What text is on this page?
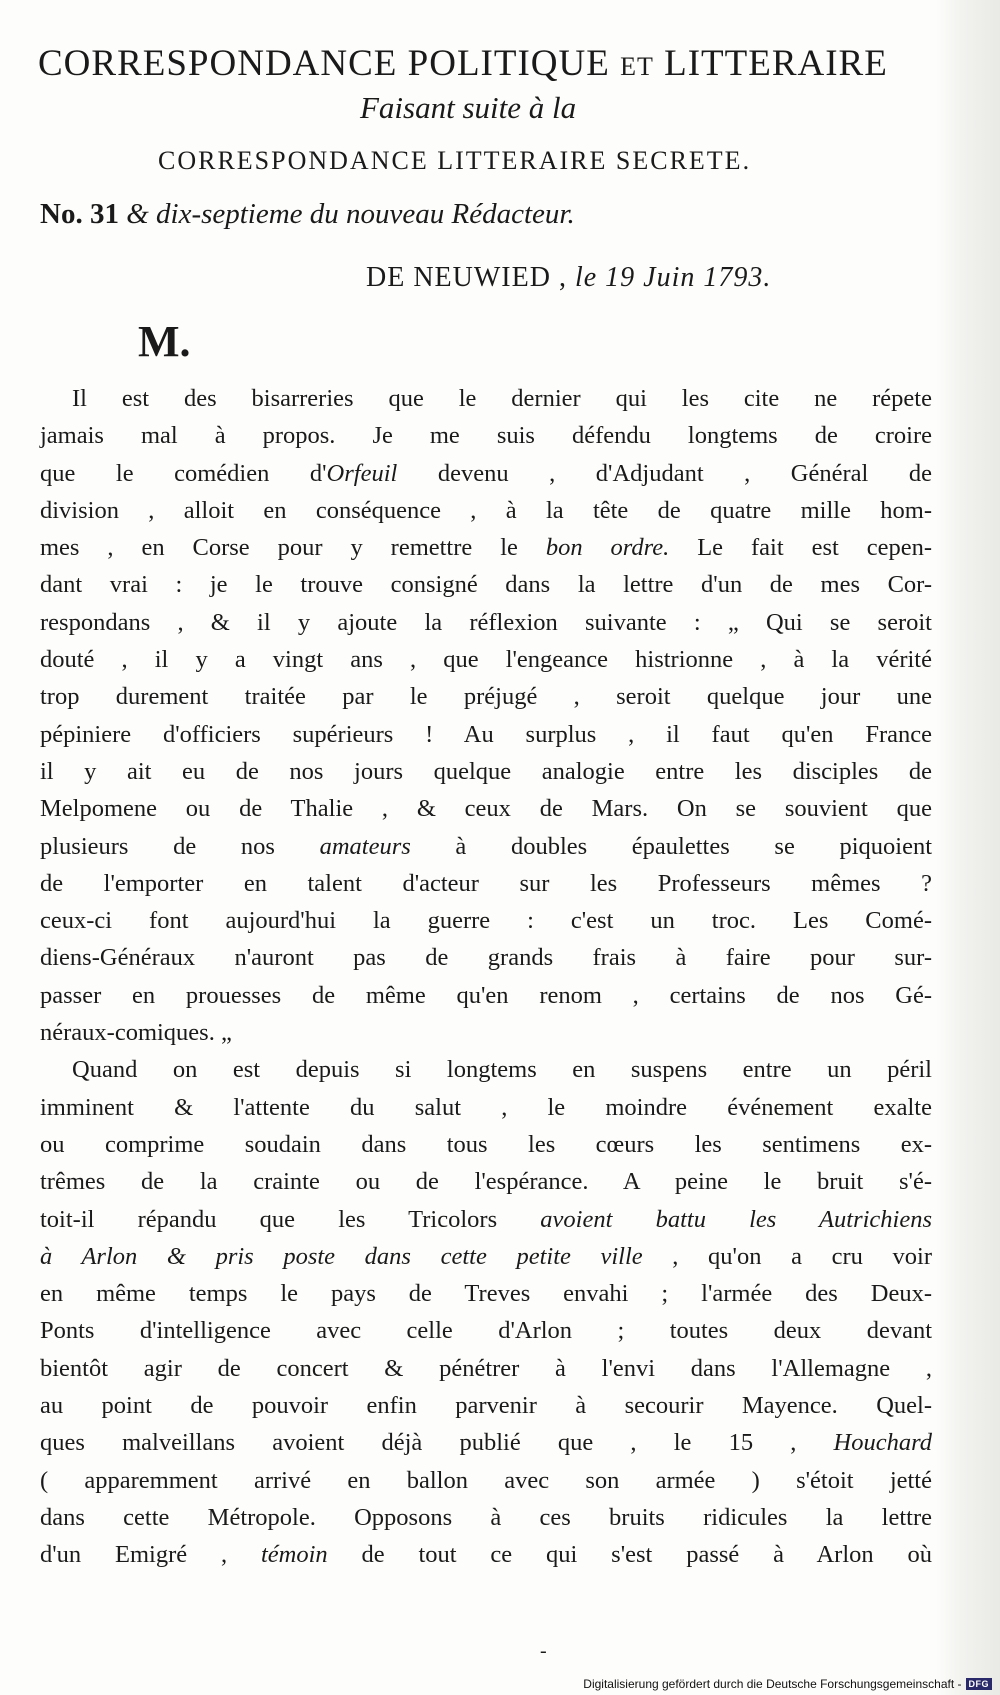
CORRESPONDANCE POLITIQUE ET LITTERAIRE
Faisant suite à la
CORRESPONDANCE LITTERAIRE SECRETE.
No. 31 & dix-septieme du nouveau Rédacteur.
DE NEUWIED , le 19 Juin 1793.
M.
Il est des bisarreries que le dernier qui les cite ne répete
jamais mal à propos. Je me suis défendu longtems de croire
que le comédien d'Orfeuil devenu , d'Adjudant , Général de
division , alloit en conséquence , à la tête de quatre mille hom-
mes , en Corse pour y remettre le bon ordre. Le fait est cepen-
dant vrai : je le trouve consigné dans la lettre d'un de mes Cor-
respondans , & il y ajoute la réflexion suivante : „ Qui se seroit
douté , il y a vingt ans , que l'engeance histrionne , à la vérité
trop durement traitée par le préjugé , seroit quelque jour une
pépiniere d'officiers supérieurs ! Au surplus , il faut qu'en France
il y ait eu de nos jours quelque analogie entre les disciples de
Melpomene ou de Thalie , & ceux de Mars. On se souvient que
plusieurs de nos amateurs à doubles épaulettes se piquoient
de l'emporter en talent d'acteur sur les Professeurs mêmes ?
ceux-ci font aujourd'hui la guerre : c'est un troc. Les Comé-
diens-Généraux n'auront pas de grands frais à faire pour sur-
passer en prouesses de même qu'en renom , certains de nos Gé-
néraux-comiques. „
Quand on est depuis si longtems en suspens entre un péril
imminent & l'attente du salut , le moindre événement exalte
ou comprime soudain dans tous les cœurs les sentimens ex-
trêmes de la crainte ou de l'espérance. A peine le bruit s'é-
toit-il répandu que les Tricolors avoient battu les Autrichiens
à Arlon & pris poste dans cette petite ville , qu'on a cru voir
en même temps le pays de Treves envahi ; l'armée des Deux-
Ponts d'intelligence avec celle d'Arlon ; toutes deux devant
bientôt agir de concert & pénétrer à l'envi dans l'Allemagne ,
au point de pouvoir enfin parvenir à secourir Mayence. Quel-
ques malveillans avoient déjà publié que , le 15 , Houchard
( apparemment arrivé en ballon avec son armée ) s'étoit jetté
dans cette Métropole. Opposons à ces bruits ridicules la lettre
d'un Emigré , témoin de tout ce qui s'est passé à Arlon où
-
Digitalisierung gefördert durch die Deutsche Forschungsgemeinschaft - DFG
